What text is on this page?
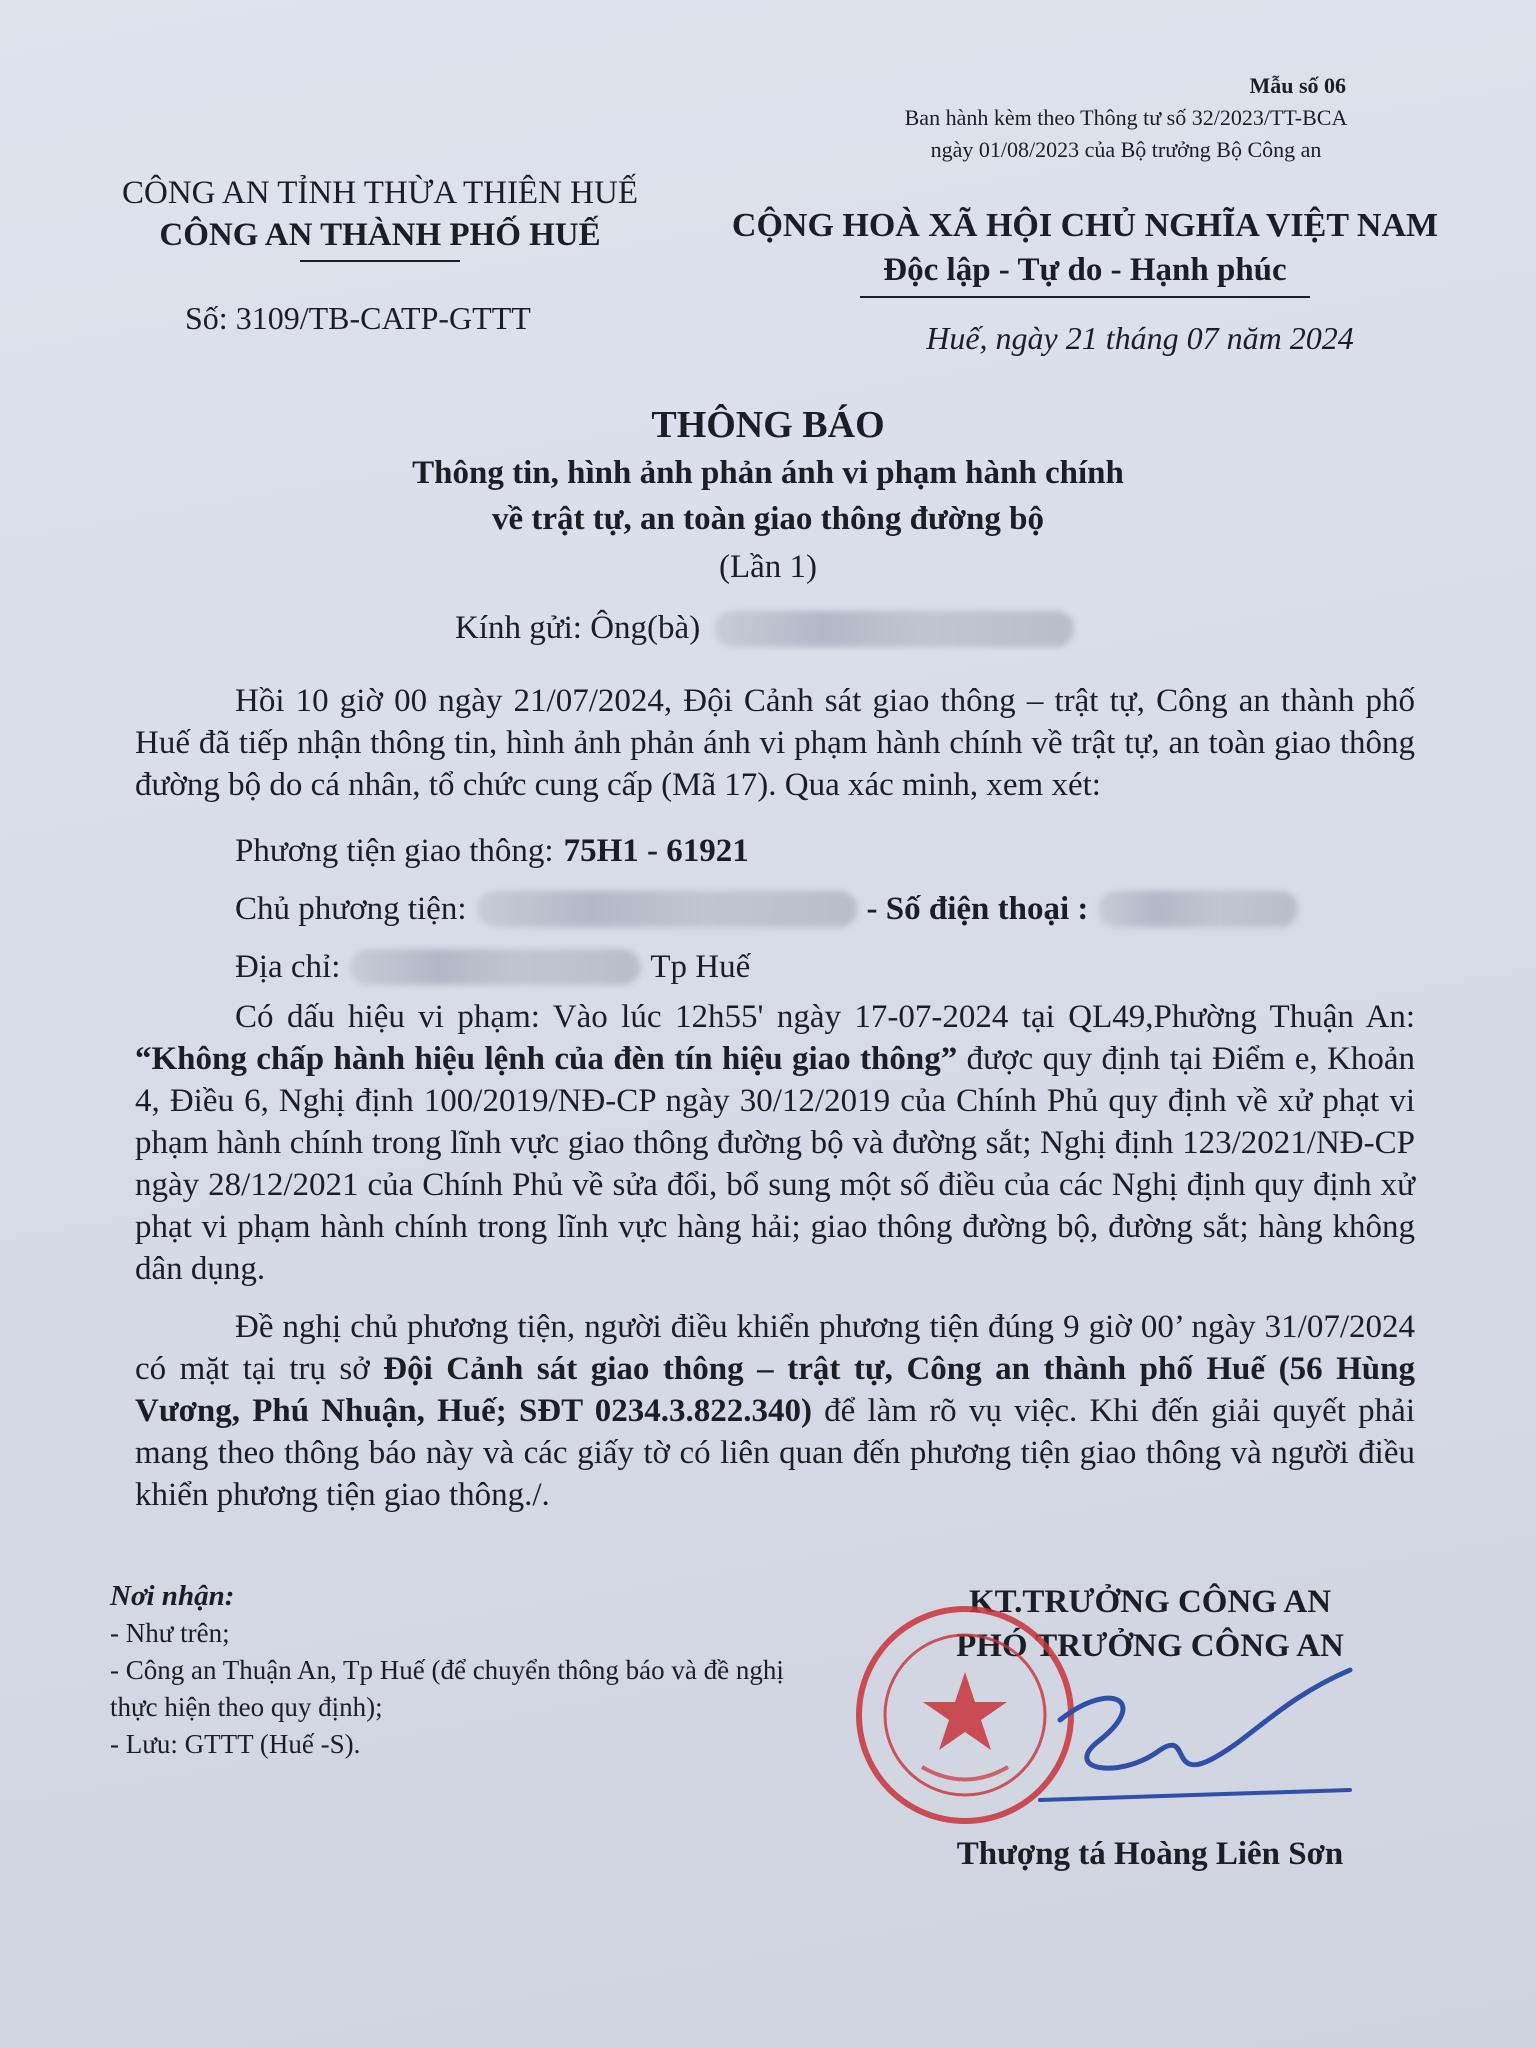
Mẫu số 06
Ban hành kèm theo Thông tư số 32/2023/TT-BCA
ngày 01/08/2023 của Bộ trưởng Bộ Công an
CÔNG AN TỈNH THỪA THIÊN HUẾ
CÔNG AN THÀNH PHỐ HUẾ	CỘNG HOÀ XÃ HỘI CHỦ NGHĨA VIỆT NAM
Độc lập - Tự do - Hạnh phúc
Số: 3109/TB-CATP-GTTT
Huế, ngày 21 tháng 07 năm 2024
THÔNG BÁO
Thông tin, hình ảnh phản ánh vi phạm hành chính
về trật tự, an toàn giao thông đường bộ
(Lần 1)
Kính gửi: Ông(bà)

Hồi 10 giờ 00 ngày 21/07/2024, Đội Cảnh sát giao thông – trật tự, Công an thành phố Huế đã tiếp nhận thông tin, hình ảnh phản ánh vi phạm hành chính về trật tự, an toàn giao thông đường bộ do cá nhân, tổ chức cung cấp (Mã 17). Qua xác minh, xem xét:

Phương tiện giao thông: 75H1 - 61921
Chủ phương tiện:	- Số điện thoại :
Địa chỉ:	Tp Huế

Có dấu hiệu vi phạm: Vào lúc 12h55' ngày 17-07-2024 tại QL49,Phường Thuận An: “Không chấp hành hiệu lệnh của đèn tín hiệu giao thông” được quy định tại Điểm e, Khoản 4, Điều 6, Nghị định 100/2019/NĐ-CP ngày 30/12/2019 của Chính Phủ quy định về xử phạt vi phạm hành chính trong lĩnh vực giao thông đường bộ và đường sắt; Nghị định 123/2021/NĐ-CP ngày 28/12/2021 của Chính Phủ về sửa đổi, bổ sung một số điều của các Nghị định quy định xử phạt vi phạm hành chính trong lĩnh vực hàng hải; giao thông đường bộ, đường sắt; hàng không dân dụng.

Đề nghị chủ phương tiện, người điều khiển phương tiện đúng 9 giờ 00’ ngày 31/07/2024 có mặt tại trụ sở Đội Cảnh sát giao thông – trật tự, Công an thành phố Huế (56 Hùng Vương, Phú Nhuận, Huế; SĐT 0234.3.822.340) để làm rõ vụ việc. Khi đến giải quyết phải mang theo thông báo này và các giấy tờ có liên quan đến phương tiện giao thông và người điều khiển phương tiện giao thông./.

Nơi nhận:
- Như trên;
- Công an Thuận An, Tp Huế (để chuyển thông báo và đề nghị thực hiện theo quy định);
- Lưu: GTTT (Huế -S).
KT.TRƯỞNG CÔNG AN
PHÓ TRƯỞNG CÔNG AN
Thượng tá Hoàng Liên Sơn
